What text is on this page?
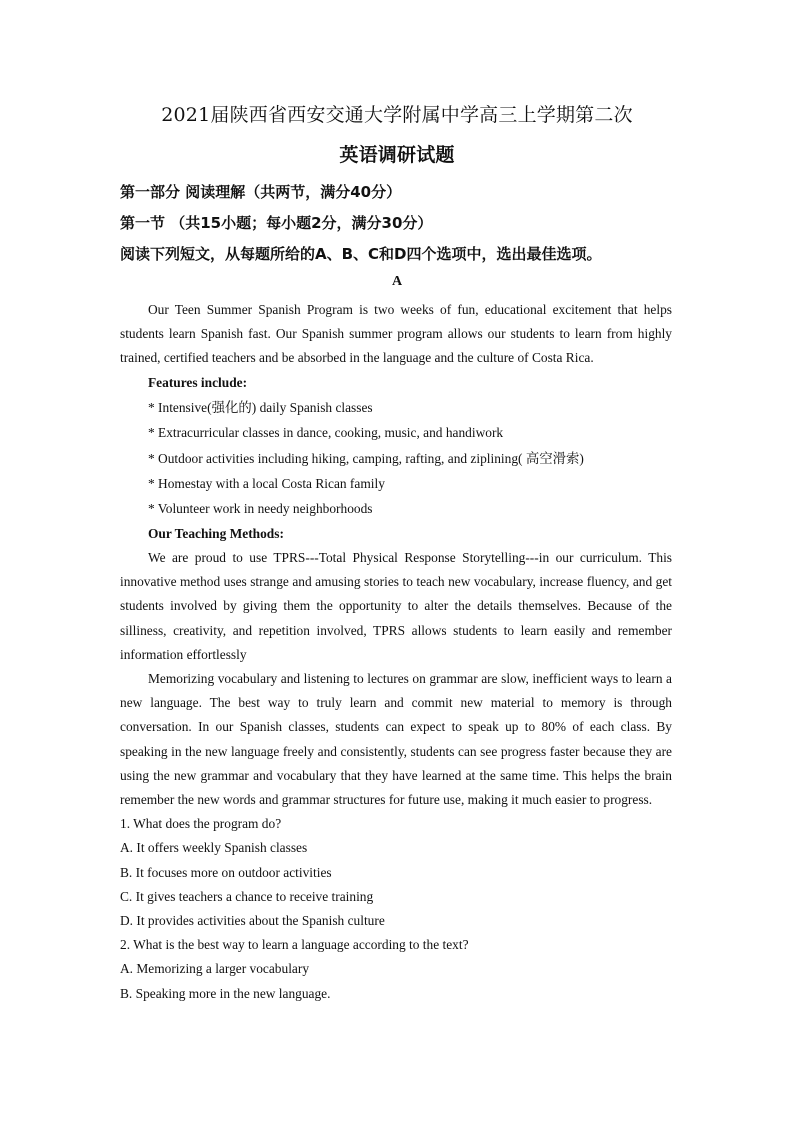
2021届陕西省西安交通大学附属中学高三上学期第二次
英语调研试题

第一部分 阅读理解（共两节，满分40分）

第一节 （共15小题；每小题2分，满分30分）

阅读下列短文，从每题所给的A、B、C和D四个选项中，选出最佳选项。

A

Our Teen Summer Spanish Program is two weeks of fun, educational excitement that helps students learn Spanish fast. Our Spanish summer program allows our students to learn from highly trained, certified teachers and be absorbed in the language and the culture of Costa Rica.

Features include:

* Intensive(强化的) daily Spanish classes

* Extracurricular classes in dance, cooking, music, and handiwork

* Outdoor activities including hiking, camping, rafting, and ziplining( 高空滑索)

* Homestay with a local Costa Rican family

* Volunteer work in needy neighborhoods

Our Teaching Methods:

We are proud to use TPRS---Total Physical Response Storytelling---in our curriculum. This innovative method uses strange and amusing stories to teach new vocabulary, increase fluency, and get students involved by giving them the opportunity to alter the details themselves. Because of the silliness, creativity, and repetition involved, TPRS allows students to learn easily and remember information effortlessly

Memorizing vocabulary and listening to lectures on grammar are slow, inefficient ways to learn a new language. The best way to truly learn and commit new material to memory is through conversation. In our Spanish classes, students can expect to speak up to 80% of each class. By speaking in the new language freely and consistently, students can see progress faster because they are using the new grammar and vocabulary that they have learned at the same time. This helps the brain remember the new words and grammar structures for future use, making it much easier to progress.

1. What does the program do?

A. It offers weekly Spanish classes

B. It focuses more on outdoor activities

C. It gives teachers a chance to receive training

D. It provides activities about the Spanish culture

2. What is the best way to learn a language according to the text?

A. Memorizing a larger vocabulary

B. Speaking more in the new language.
